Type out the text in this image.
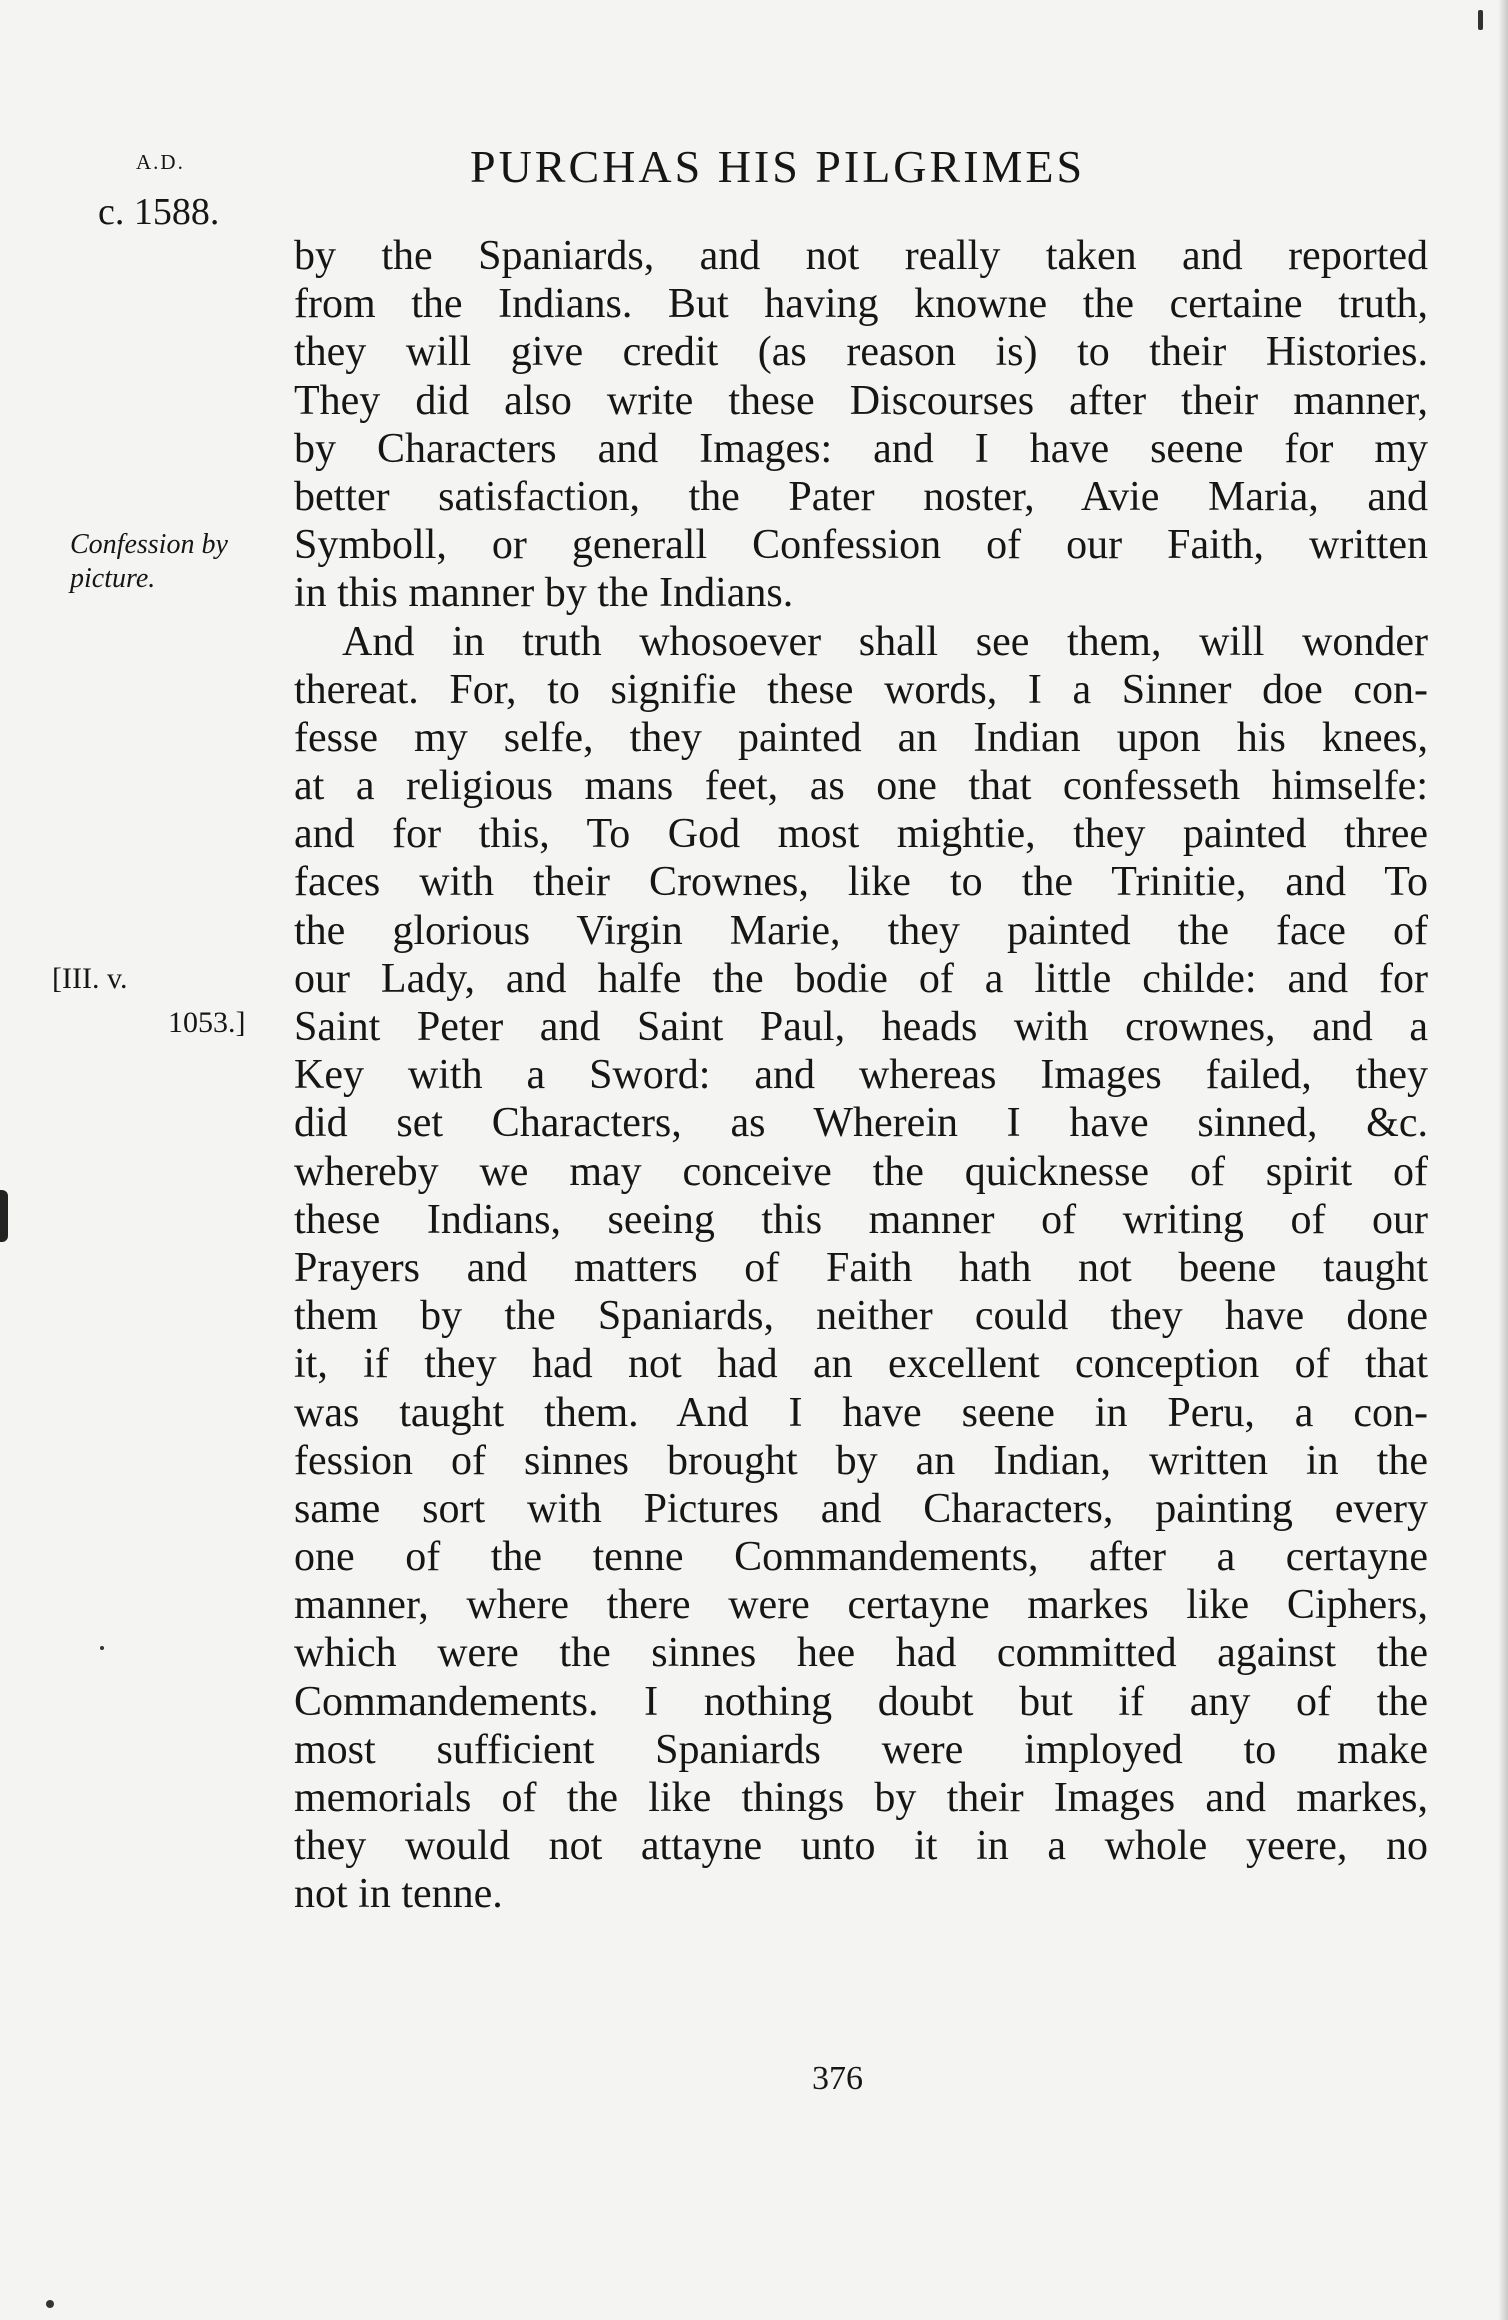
A.D.
c. 1588.
PURCHAS HIS PILGRIMES
Confession by
picture.
[III. v.
1053.]
by the Spaniards, and not really taken and reported
from the Indians. But having knowne the certaine truth,
they will give credit (as reason is) to their Histories.
They did also write these Discourses after their manner,
by Characters and Images: and I have seene for my
better satisfaction, the Pater noster, Avie Maria, and
Symboll, or generall Confession of our Faith, written
in this manner by the Indians.
And in truth whosoever shall see them, will wonder
thereat. For, to signifie these words, I a Sinner doe con-
fesse my selfe, they painted an Indian upon his knees,
at a religious mans feet, as one that confesseth himselfe:
and for this, To God most mightie, they painted three
faces with their Crownes, like to the Trinitie, and To
the glorious Virgin Marie, they painted the face of
our Lady, and halfe the bodie of a little childe: and for
Saint Peter and Saint Paul, heads with crownes, and a
Key with a Sword: and whereas Images failed, they
did set Characters, as Wherein I have sinned, &c.
whereby we may conceive the quicknesse of spirit of
these Indians, seeing this manner of writing of our
Prayers and matters of Faith hath not beene taught
them by the Spaniards, neither could they have done
it, if they had not had an excellent conception of that
was taught them. And I have seene in Peru, a con-
fession of sinnes brought by an Indian, written in the
same sort with Pictures and Characters, painting every
one of the tenne Commandements, after a certayne
manner, where there were certayne markes like Ciphers,
which were the sinnes hee had committed against the
Commandements. I nothing doubt but if any of the
most sufficient Spaniards were imployed to make
memorials of the like things by their Images and markes,
they would not attayne unto it in a whole yeere, no
not in tenne.
376
